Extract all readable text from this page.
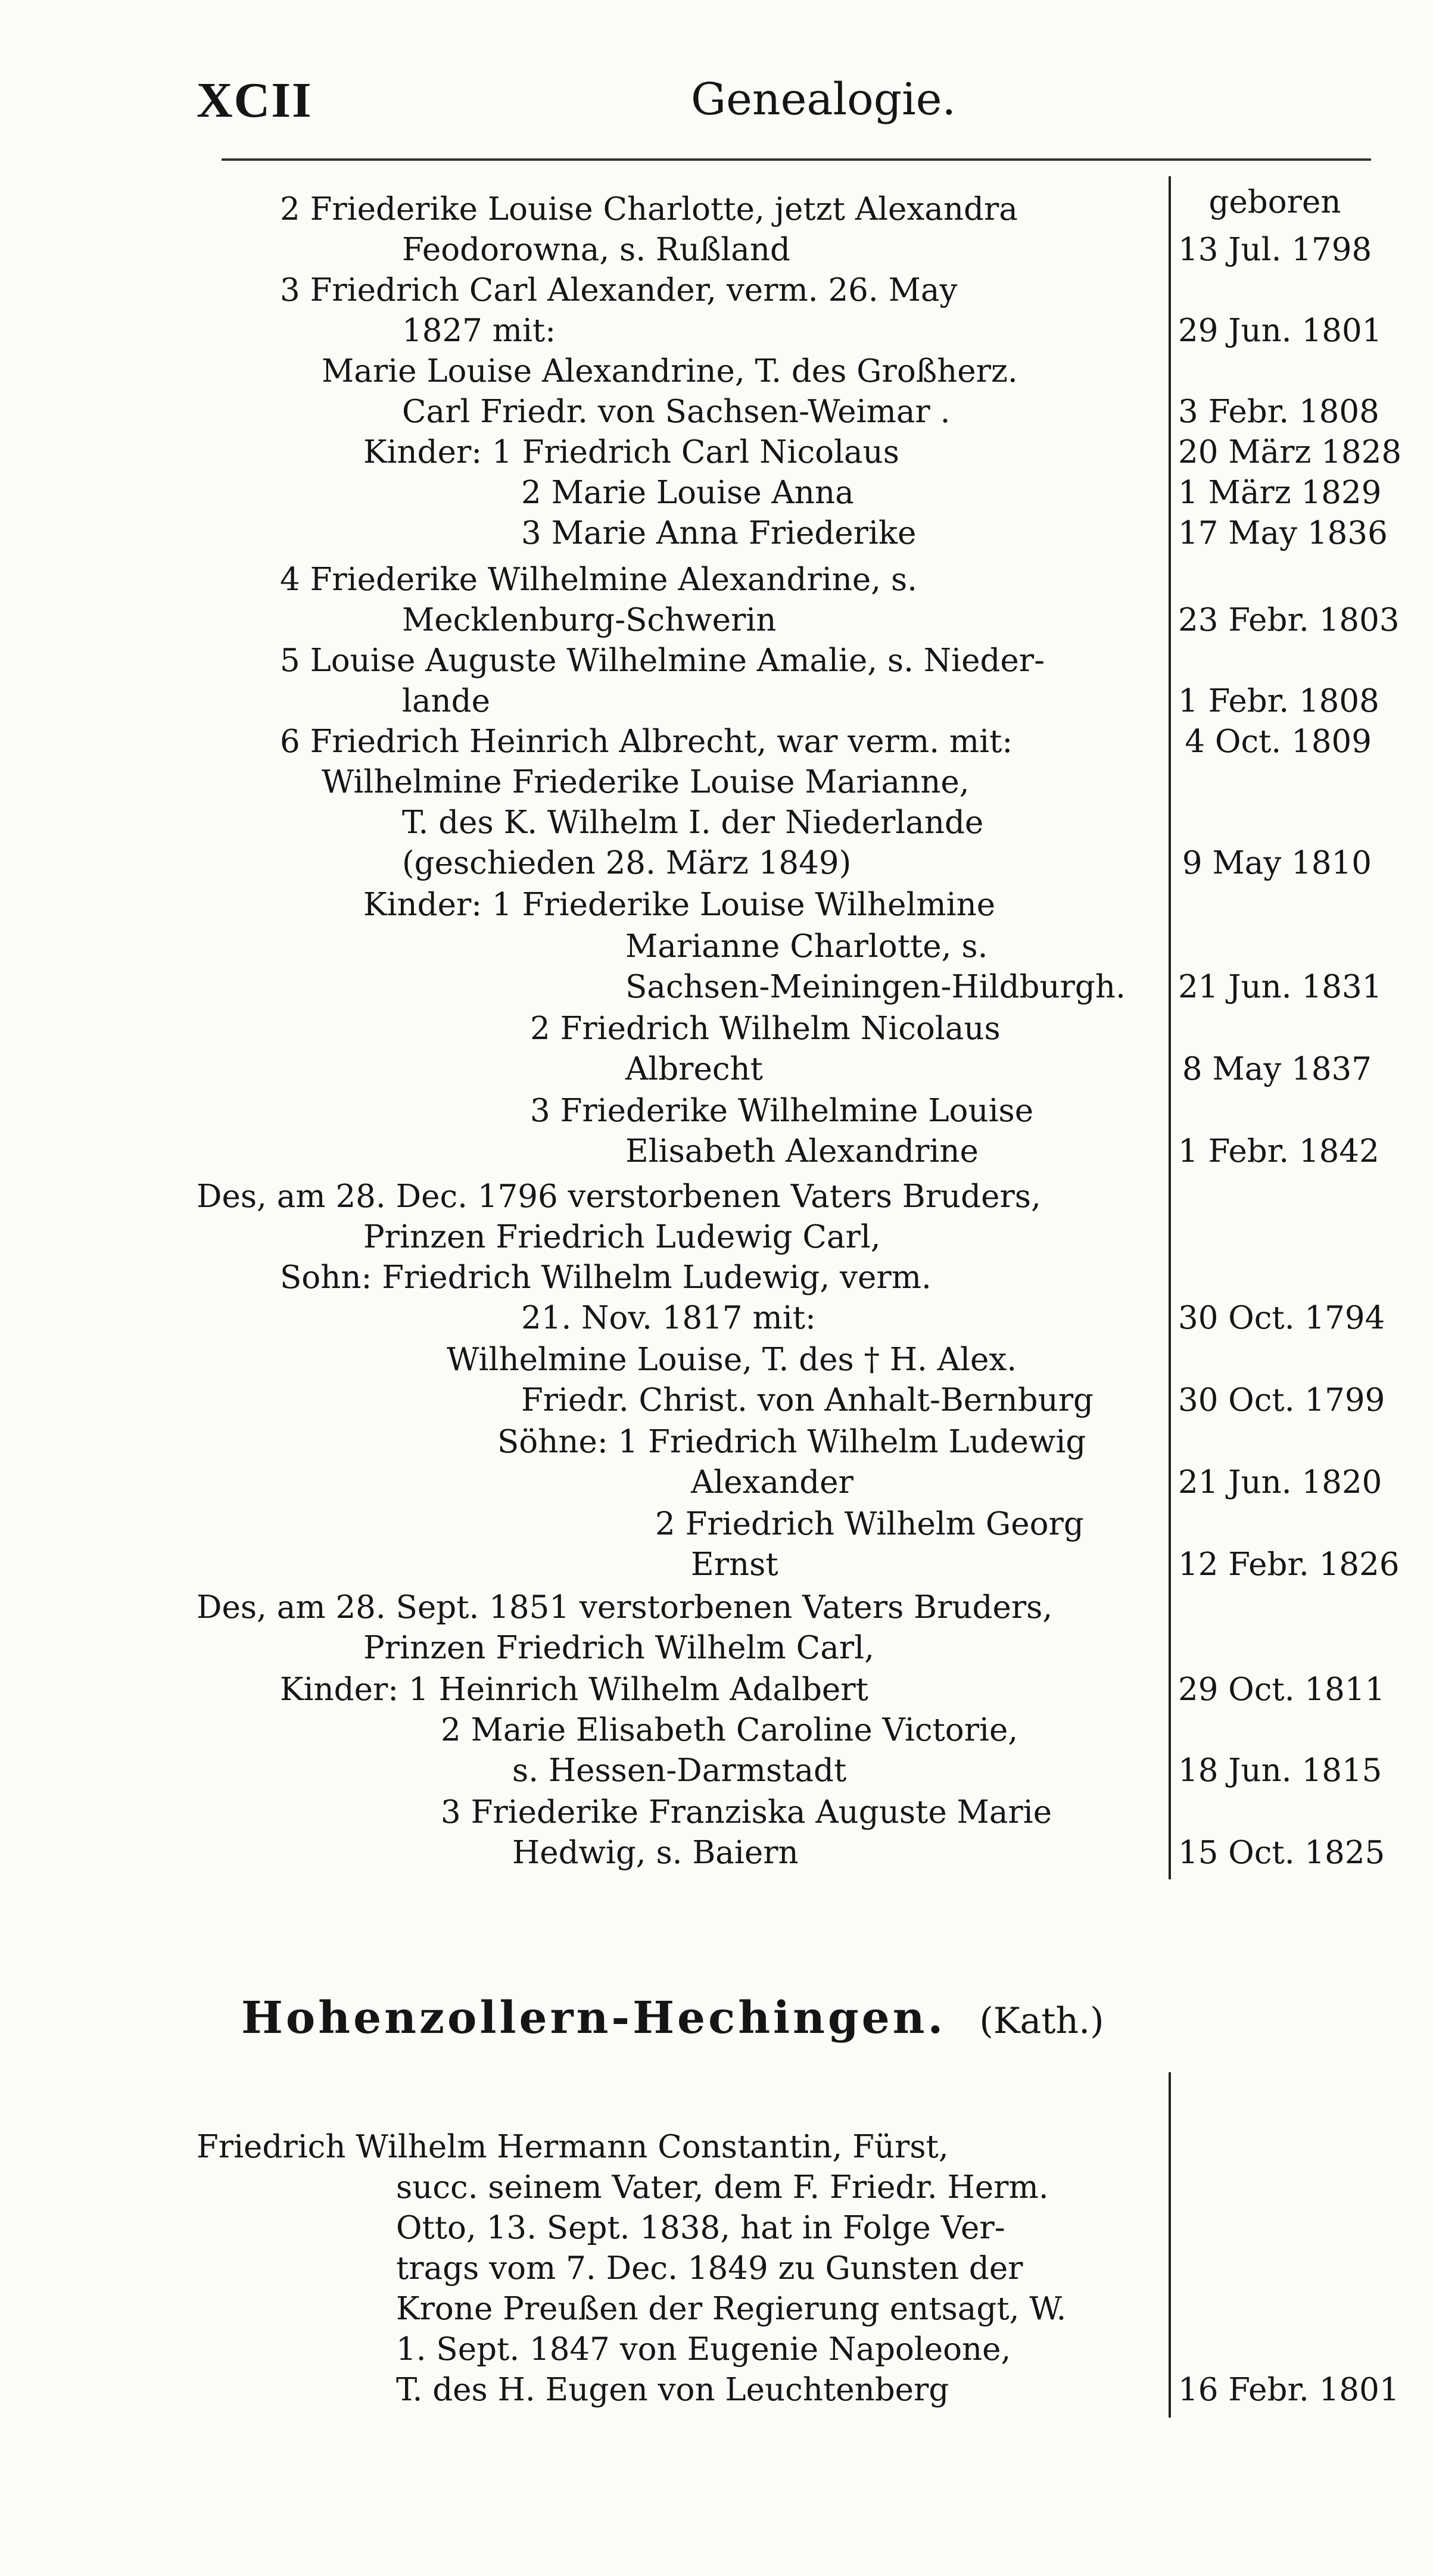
XCII	Genealogie.
geboren
2 Friederike Louise Charlotte, jetzt Alexandra
Feodorowna, s. Rußland	13 Jul. 1798
3 Friedrich Carl Alexander, verm. 26. May
1827 mit:	29 Jun. 1801
Marie Louise Alexandrine, T. des Großherz.
Carl Friedr. von Sachsen-Weimar .	3 Febr. 1808
Kinder: 1 Friedrich Carl Nicolaus	20 März 1828
2 Marie Louise Anna	1 März 1829
3 Marie Anna Friederike	17 May 1836
4 Friederike Wilhelmine Alexandrine, s.
Mecklenburg-Schwerin	23 Febr. 1803
5 Louise Auguste Wilhelmine Amalie, s. Nieder-
lande	1 Febr. 1808
6 Friedrich Heinrich Albrecht, war verm. mit:	4 Oct. 1809
Wilhelmine Friederike Louise Marianne,
T. des K. Wilhelm I. der Niederlande
(geschieden 28. März 1849)	9 May 1810
Kinder: 1 Friederike Louise Wilhelmine
Marianne Charlotte, s.
Sachsen-Meiningen-Hildburgh. 21 Jun. 1831
2 Friedrich Wilhelm Nicolaus
Albrecht	8 May 1837
3 Friederike Wilhelmine Louise
Elisabeth Alexandrine	1 Febr. 1842
Des, am 28. Dec. 1796 verstorbenen Vaters Bruders,
Prinzen Friedrich Ludewig Carl,
Sohn: Friedrich Wilhelm Ludewig, verm.
21. Nov. 1817 mit:	30 Oct. 1794
Wilhelmine Louise, T. des † H. Alex.
Friedr. Christ. von Anhalt-Bernburg	30 Oct. 1799
Söhne: 1 Friedrich Wilhelm Ludewig
Alexander	21 Jun. 1820
2 Friedrich Wilhelm Georg
Ernst	12 Febr. 1826
Des, am 28. Sept. 1851 verstorbenen Vaters Bruders,
Prinzen Friedrich Wilhelm Carl,
Kinder: 1 Heinrich Wilhelm Adalbert	29 Oct. 1811
2 Marie Elisabeth Caroline Victorie,
s. Hessen-Darmstadt	18 Jun. 1815
3 Friederike Franziska Auguste Marie
Hedwig, s. Baiern	15 Oct. 1825
Hohenzollern-Hechingen. (Kath.)
Friedrich Wilhelm Hermann Constantin, Fürst,
succ. seinem Vater, dem F. Friedr. Herm.
Otto, 13. Sept. 1838, hat in Folge Ver-
trags vom 7. Dec. 1849 zu Gunsten der
Krone Preußen der Regierung entsagt, W.
1. Sept. 1847 von Eugenie Napoleone,
T. des H. Eugen von Leuchtenberg	16 Febr. 1801
